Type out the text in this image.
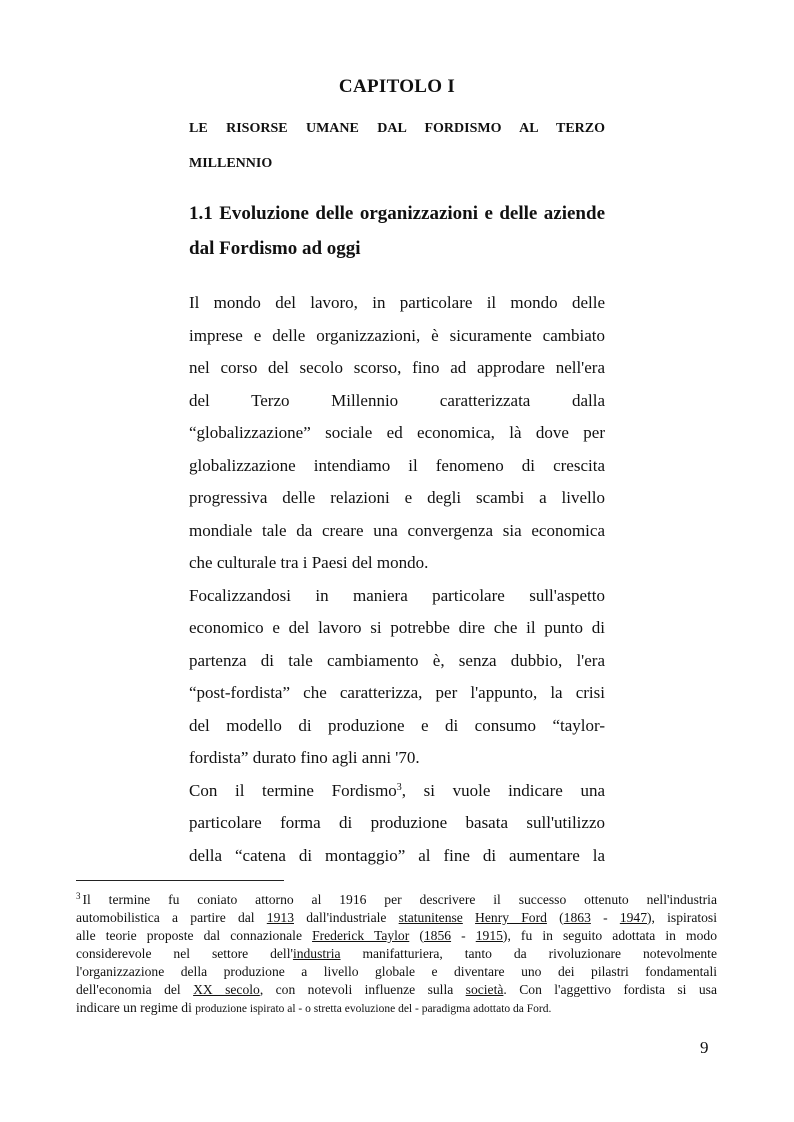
CAPITOLO I
LE RISORSE UMANE DAL FORDISMO AL TERZO
MILLENNIO
1.1 Evoluzione delle organizzazioni e delle aziende
dal Fordismo ad oggi
Il mondo del lavoro, in particolare il mondo delle
imprese e delle organizzazioni, è sicuramente cambiato
nel corso del secolo scorso, fino ad approdare nell'era
del Terzo Millennio caratterizzata dalla
“globalizzazione” sociale ed economica, là dove per
globalizzazione intendiamo il fenomeno di crescita
progressiva delle relazioni e degli scambi a livello
mondiale tale da creare una convergenza sia economica
che culturale tra i Paesi del mondo.
Focalizzandosi in maniera particolare sull'aspetto
economico e del lavoro si potrebbe dire che il punto di
partenza di tale cambiamento è, senza dubbio, l'era
“post-fordista” che caratterizza, per l'appunto, la crisi
del modello di produzione e di consumo “taylor-
fordista” durato fino agli anni '70.
Con il termine Fordismo$^3$, si vuole indicare una
particolare forma di produzione basata sull'utilizzo
della “catena di montaggio” al fine di aumentare la
$^3$ Il termine fu coniato attorno al 1916 per descrivere il successo ottenuto nell'industria
automobilistica a partire dal 1913 dall'industriale statunitense Henry Ford (1863 - 1947), ispiratosi
alle teorie proposte dal connazionale Frederick Taylor (1856 - 1915), fu in seguito adottata in modo
considerevole nel settore dell'industria manifatturiera, tanto da rivoluzionare notevolmente
l'organizzazione della produzione a livello globale e diventare uno dei pilastri fondamentali
dell'economia del XX secolo, con notevoli influenze sulla società. Con l'aggettivo fordista si usa
indicare un regime di produzione ispirato al - o stretta evoluzione del - paradigma adottato da Ford.
9
